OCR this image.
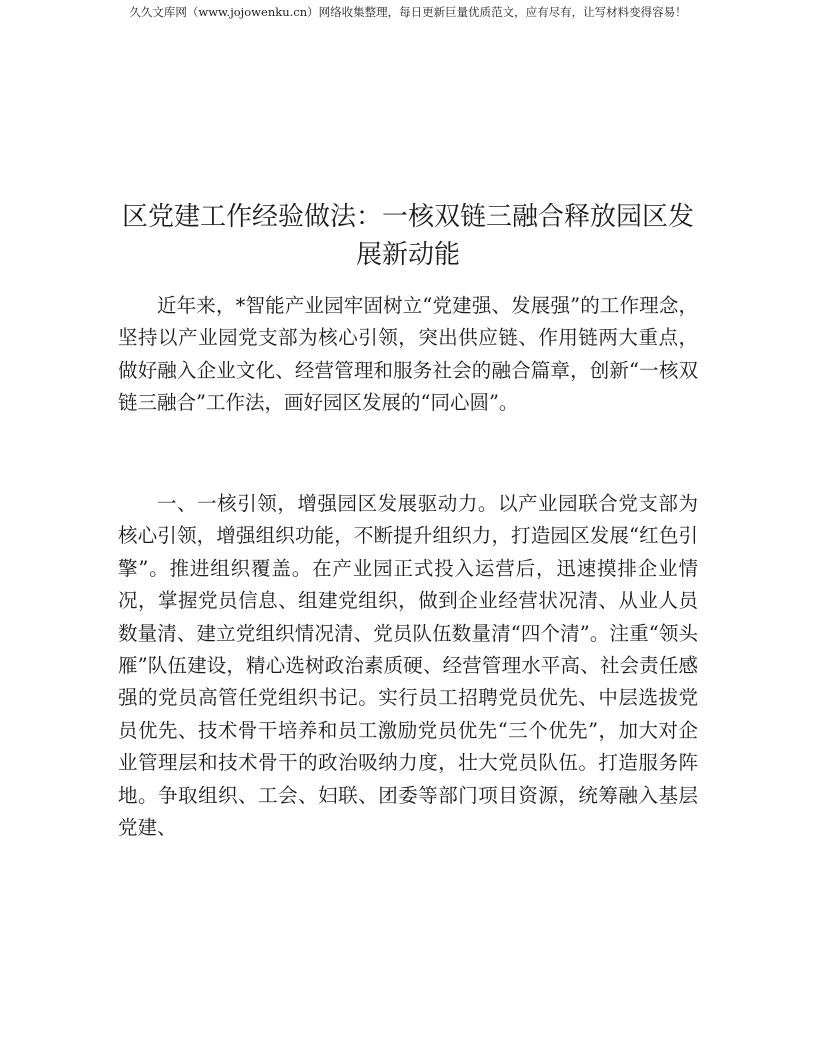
久久文库网（www.jojowenku.cn）网络收集整理，每日更新巨量优质范文，应有尽有，让写材料变得容易！
区党建工作经验做法：一核双链三融合释放园区发展新动能

近年来，*智能产业园牢固树立“党建强、发展强”的工作理念，坚持以产业园党支部为核心引领，突出供应链、作用链两大重点，做好融入企业文化、经营管理和服务社会的融合篇章，创新“一核双链三融合”工作法，画好园区发展的“同心圆”。

一、一核引领，增强园区发展驱动力。以产业园联合党支部为核心引领，增强组织功能，不断提升组织力，打造园区发展“红色引擎”。推进组织覆盖。在产业园正式投入运营后，迅速摸排企业情况，掌握党员信息、组建党组织，做到企业经营状况清、从业人员数量清、建立党组织情况清、党员队伍数量清“四个清”。注重“领头雁”队伍建设，精心选树政治素质硬、经营管理水平高、社会责任感强的党员高管任党组织书记。实行员工招聘党员优先、中层选拔党员优先、技术骨干培养和员工激励党员优先“三个优先”，加大对企业管理层和技术骨干的政治吸纳力度，壮大党员队伍。打造服务阵地。争取组织、工会、妇联、团委等部门项目资源，统筹融入基层党建、
